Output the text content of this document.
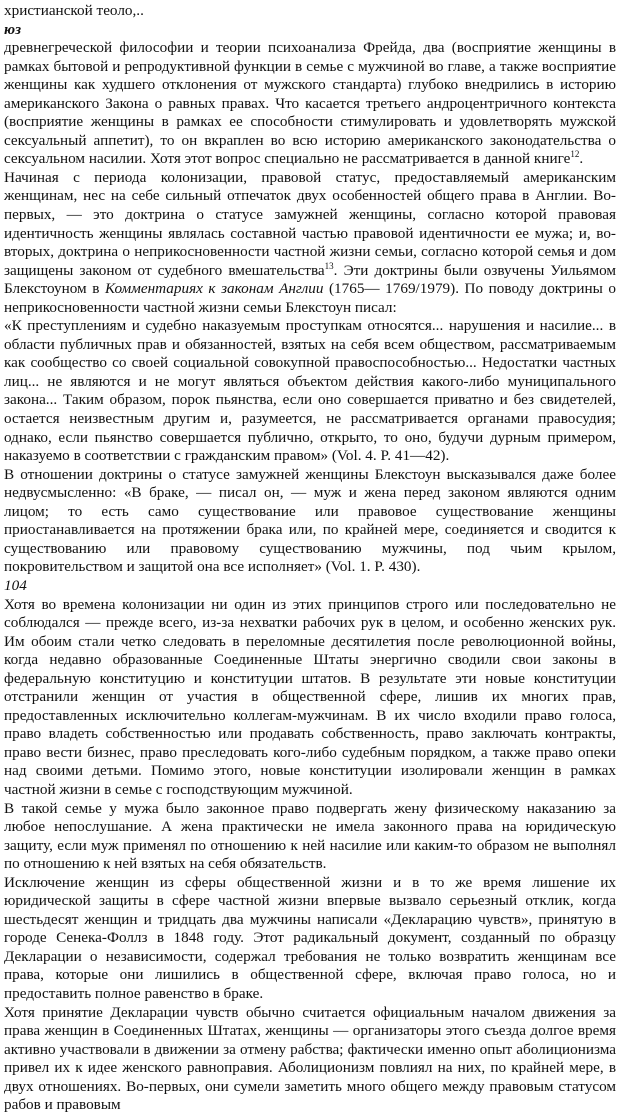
христианской теоло,..

юз

древнегреческой философии и теории психоанализа Фрейда, два (восприятие женщины в рамках бытовой и репродуктивной функции в семье с мужчиной во главе, а также восприятие женщины как худшего отклонения от мужского стандарта) глубоко внедрились в историю американского Закона о равных правах. Что касается третьего андроцентричного контекста (восприятие женщины в рамках ее способности стимулировать и удовлетворять мужской сексуальный аппетит), то он вкраплен во всю историю американского законодательства о сексуальном насилии. Хотя этот вопрос специально не рассматривается в данной книге$^{12}$.

Начиная с периода колонизации, правовой статус, предоставляемый американским женщинам, нес на себе сильный отпечаток двух особенностей общего права в Англии. Во-первых, — это доктрина о статусе замужней женщины, согласно которой правовая идентичность женщины являлась составной частью правовой идентичности ее мужа; и, во-вторых, доктрина о неприкосновенности частной жизни семьи, согласно которой семья и дом защищены законом от судебного вмешательства$^{13}$. Эти доктрины были озвучены Уильямом Блекстоуном в Комментариях к законам Англии (1765— 1769/1979). По поводу доктрины о неприкосновенности частной жизни семьи Блекстоун писал:

«К преступлениям и судебно наказуемым проступкам относятся... нарушения и насилие... в области публичных прав и обязанностей, взятых на себя всем обществом, рассматриваемым как сообщество со своей социальной совокупной правоспособностью... Недостатки частных лиц... не являются и не могут являться объектом действия какого-либо муниципального закона... Таким образом, порок пьянства, если оно совершается приватно и без свидетелей, остается неизвестным другим и, разумеется, не рассматривается органами правосудия; однако, если пьянство совершается публично, открыто, то оно, будучи дурным примером, наказуемо в соответствии с гражданским правом» (Vol. 4. P. 41—42).

В отношении доктрины о статусе замужней женщины Блекстоун высказывался даже более недвусмысленно: «В браке, — писал он, — муж и жена перед законом являются одним лицом; то есть само существование или правовое существование женщины приостанавливается на протяжении брака или, по крайней мере, соединяется и сводится к существованию или правовому существованию мужчины, под чьим крылом, покровительством и защитой она все исполняет» (Vol. 1. P. 430).

104

Хотя во времена колонизации ни один из этих принципов строго или последовательно не соблюдался — прежде всего, из-за нехватки рабочих рук в целом, и особенно женских рук. Им обоим стали четко следовать в переломные десятилетия после революционной войны, когда недавно образованные Соединенные Штаты энергично сводили свои законы в федеральную конституцию и конституции штатов. В результате эти новые конституции отстранили женщин от участия в общественной сфере, лишив их многих прав, предоставленных исключительно коллегам-мужчинам. В их число входили право голоса, право владеть собственностью или продавать собственность, право заключать контракты, право вести бизнес, право преследовать кого-либо судебным порядком, а также право опеки над своими детьми. Помимо этого, новые конституции изолировали женщин в рамках частной жизни в семье с господствующим мужчиной.

В такой семье у мужа было законное право подвергать жену физическому наказанию за любое непослушание. А жена практически не имела законного права на юридическую защиту, если муж применял по отношению к ней насилие или каким-то образом не выполнял по отношению к ней взятых на себя обязательств.

Исключение женщин из сферы общественной жизни и в то же время лишение их юридической защиты в сфере частной жизни впервые вызвало серьезный отклик, когда шестьдесят женщин и тридцать два мужчины написали «Декларацию чувств», принятую в городе Сенека-Фоллз в 1848 году. Этот радикальный документ, созданный по образцу Декларации о независимости, содержал требования не только возвратить женщинам все права, которые они лишились в общественной сфере, включая право голоса, но и предоставить полное равенство в браке.

Хотя принятие Декларации чувств обычно считается официальным началом движения за права женщин в Соединенных Штатах, женщины — организаторы этого съезда долгое время активно участвовали в движении за отмену рабства; фактически именно опыт аболиционизма привел их к идее женского равноправия. Аболиционизм повлиял на них, по крайней мере, в двух отношениях. Во-первых, они сумели заметить много общего между правовым статусом рабов и правовым
